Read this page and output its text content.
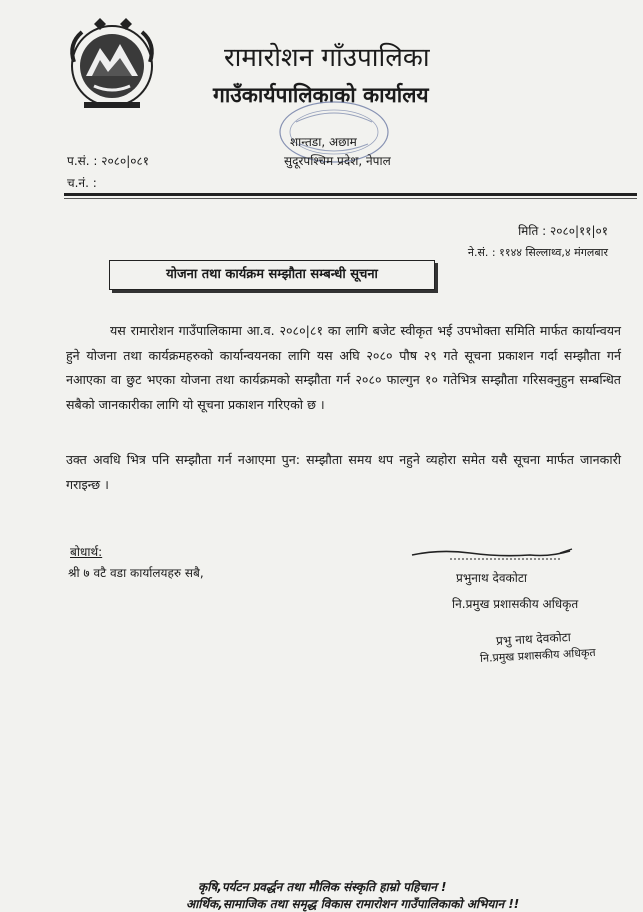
रामारोशन गाँउपालिका
गाउँकार्यपालिकाको कार्यालय
शान्तडा, अछाम
सुदूरपश्चिम प्रदेश, नेपाल
प.सं. : २०८०|०८१
च.नं. :
मिति : २०८०|११|०१
ने.सं. : ११४४ सिल्लाथ्व,४ मंगलबार
योजना तथा कार्यक्रम सम्झौता सम्बन्धी सूचना
यस रामारोशन गाउँपालिकामा आ.व. २०८०|८१ का लागि बजेट स्वीकृत भई उपभोक्ता समिति मार्फत कार्यान्वयन हुने योजना तथा कार्यक्रमहरुको कार्यान्वयनका लागि यस अघि २०८० पौष २९ गते सूचना प्रकाशन गर्दा सम्झौता गर्न नआएका वा छुट भएका योजना तथा कार्यक्रमको सम्झौता गर्न २०८० फाल्गुन १० गतेभित्र सम्झौता गरिसक्नुहुन सम्बन्धित सबैको जानकारीका लागि यो सूचना प्रकाशन गरिएको छ ।
उक्त अवधि भित्र पनि सम्झौता गर्न नआएमा पुन: सम्झौता समय थप नहुने व्यहोरा समेत यसै सूचना मार्फत जानकारी गराइन्छ ।
बोधार्थ:
श्री ७ वटै वडा कार्यालयहरु सबै,	प्रभुनाथ देवकोटा
नि.प्रमुख प्रशासकीय अधिकृत
प्रभु नाथ देवकोटा
नि.प्रमुख प्रशासकीय अधिकृत
कृषि,पर्यटन प्रवर्द्धन तथा मौलिक संस्कृति हाम्रो पहिचान !
आर्थिक,सामाजिक तथा समृद्ध विकास रामारोशन गाउँपालिकाको अभियान !!
